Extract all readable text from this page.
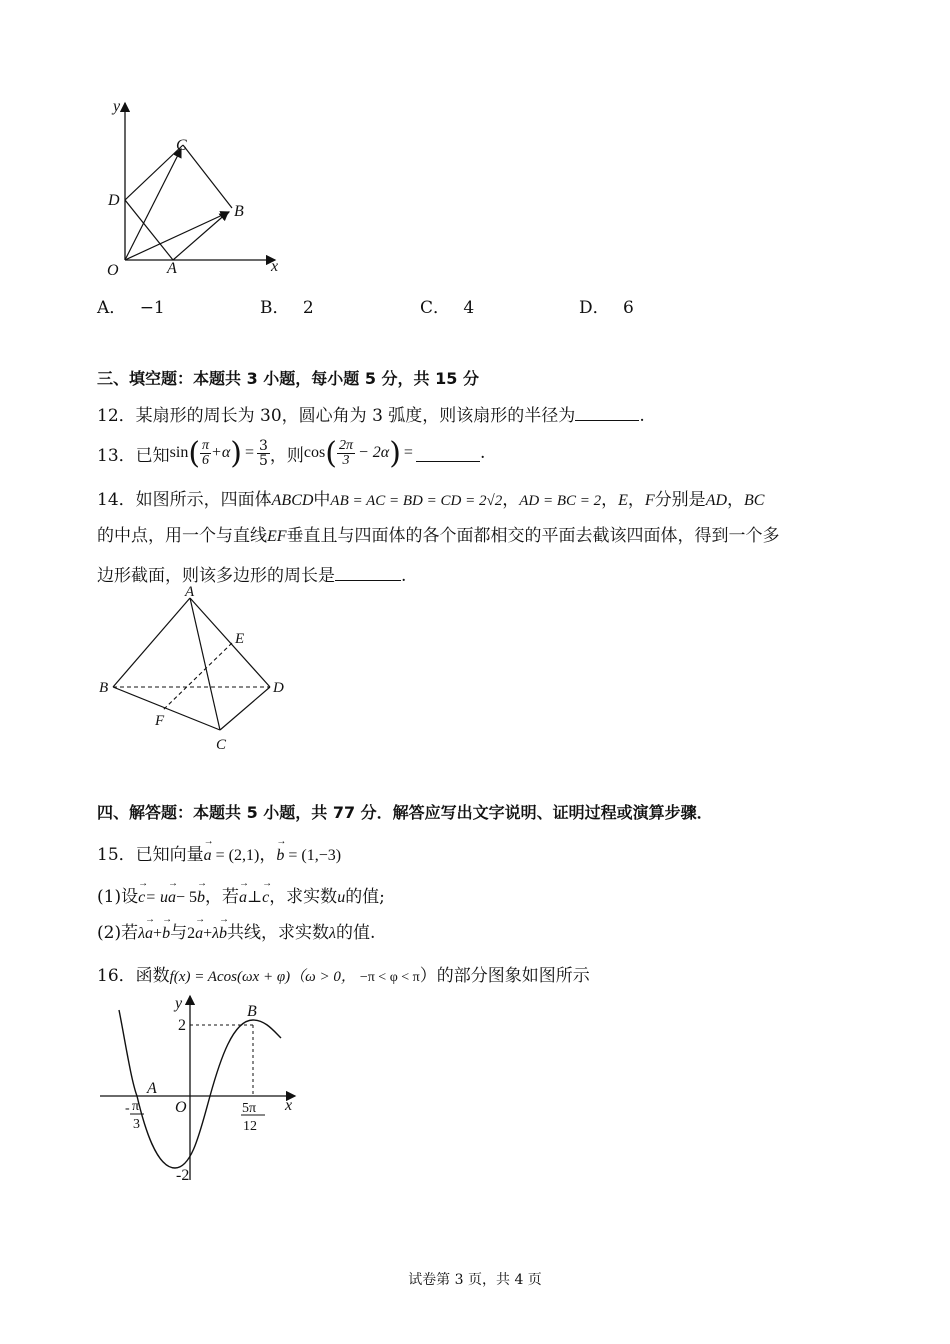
y
x
O	A
B
C
D
A． −1	B． 2	C． 4	D． 6
三、填空题：本题共 3 小题，每小题 5 分，共 15 分
12．某扇形的周长为 30，圆心角为 3 弧度，则该扇形的半径为	.
13． 已知 sin ( $\frac{\pi}{6} +\alpha$ ) = $\frac{3}{5}$ ，则 cos ( $\frac{2\pi}{3} - 2\alpha$ ) =	.
14．如图所示，四面体ABCD中AB = AC = BD = CD = 2√2，AD = BC = 2，E，F分别是AD，BC
的中点，用一个与直线EF垂直且与四面体的各个面都相交的平面去截该四面体，得到一个多
边形截面，则该多边形的周长是	.
A
B
C
D
E
F
四、解答题：本题共 5 小题，共 77 分．解答应写出文字说明、证明过程或演算步骤．
15．已知向量→ a = (2,1)，→ b = (1,−3)
(1)设→ c= u→ a− 5→ b，若→ a⊥→ c，求实数u的值;
(2)若λ→ a+→ b与2→ a+λ→ b共线，求实数λ的值.
16．函数f(x) = Acos(ωx + φ)（ω > 0， −π < φ < π）的部分图象如图所示
A
B
y
x
O
2
-2
- π
3
5π
12
试卷第 3 页，共 4 页
